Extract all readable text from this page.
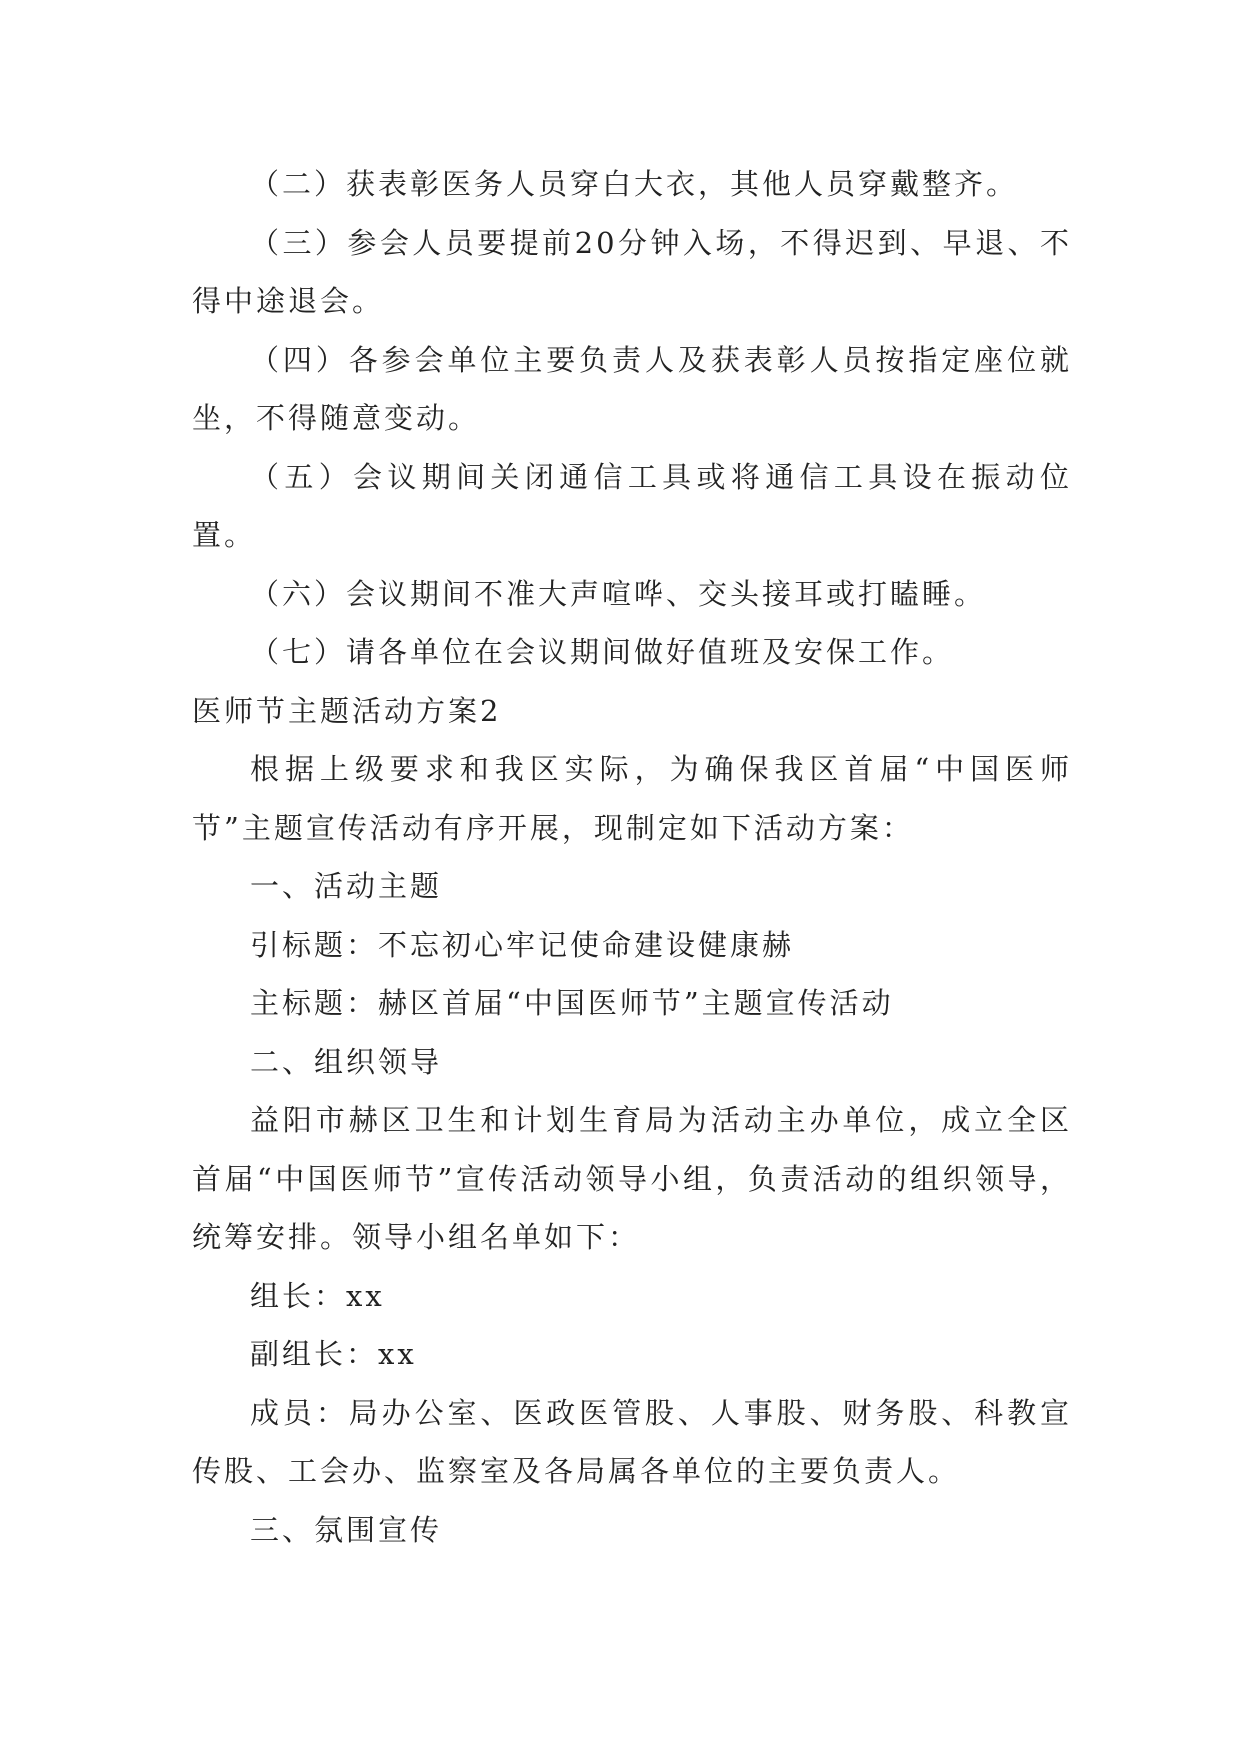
（二）获表彰医务人员穿白大衣，其他人员穿戴整齐。

（三）参会人员要提前20分钟入场，不得迟到、早退、不得中途退会。

（四）各参会单位主要负责人及获表彰人员按指定座位就坐，不得随意变动。

（五）会议期间关闭通信工具或将通信工具设在振动位置。

（六）会议期间不准大声喧哗、交头接耳或打瞌睡。

（七）请各单位在会议期间做好值班及安保工作。

医师节主题活动方案2

根据上级要求和我区实际，为确保我区首届“中国医师节”主题宣传活动有序开展，现制定如下活动方案：

一、活动主题

引标题：不忘初心牢记使命建设健康赫

主标题：赫区首届“中国医师节”主题宣传活动

二、组织领导

益阳市赫区卫生和计划生育局为活动主办单位，成立全区首届“中国医师节”宣传活动领导小组，负责活动的组织领导，统筹安排。领导小组名单如下：

组长：xx

副组长：xx

成员：局办公室、医政医管股、人事股、财务股、科教宣传股、工会办、监察室及各局属各单位的主要负责人。

三、氛围宣传
